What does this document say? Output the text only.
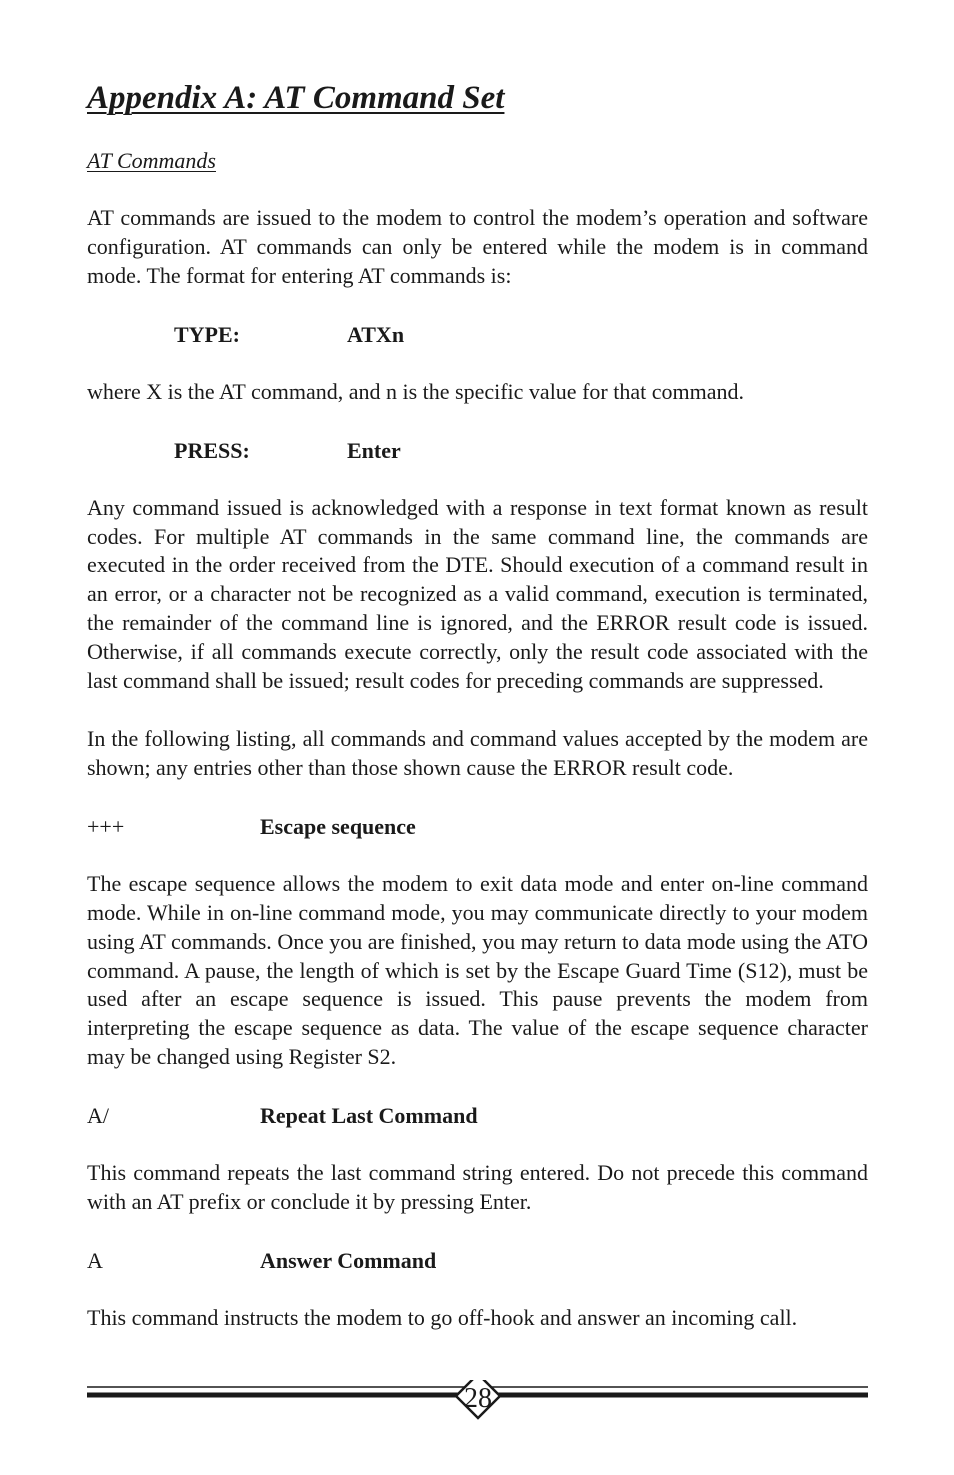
Appendix A: AT Command Set
AT Commands

AT commands are issued to the modem to control the modem’s operation and software configuration. AT commands can only be entered while the modem is in command mode. The format for entering AT commands is:

TYPE:	ATXn

where X is the AT command, and n is the specific value for that command.

PRESS:	Enter

Any command issued is acknowledged with a response in text format known as result codes. For multiple AT commands in the same command line, the commands are executed in the order received from the DTE. Should execution of a command result in an error, or a character not be recognized as a valid command, execution is terminated, the remainder of the command line is ignored, and the ERROR result code is issued. Otherwise, if all commands execute correctly, only the result code associated with the last command shall be issued; result codes for preceding commands are suppressed.

In the following listing, all commands and command values accepted by the modem are shown; any entries other than those shown cause the ERROR result code.

+++	Escape sequence

The escape sequence allows the modem to exit data mode and enter on-line command mode. While in on-line command mode, you may communicate directly to your modem using AT commands. Once you are finished, you may return to data mode using the ATO command. A pause, the length of which is set by the Escape Guard Time (S12), must be used after an escape sequence is issued. This pause prevents the modem from interpreting the escape sequence as data. The value of the escape sequence character may be changed using Register S2.

A/	Repeat Last Command

This command repeats the last command string entered. Do not precede this command with an AT prefix or conclude it by pressing Enter.

A	Answer Command

This command instructs the modem to go off-hook and answer an incoming call.

28
